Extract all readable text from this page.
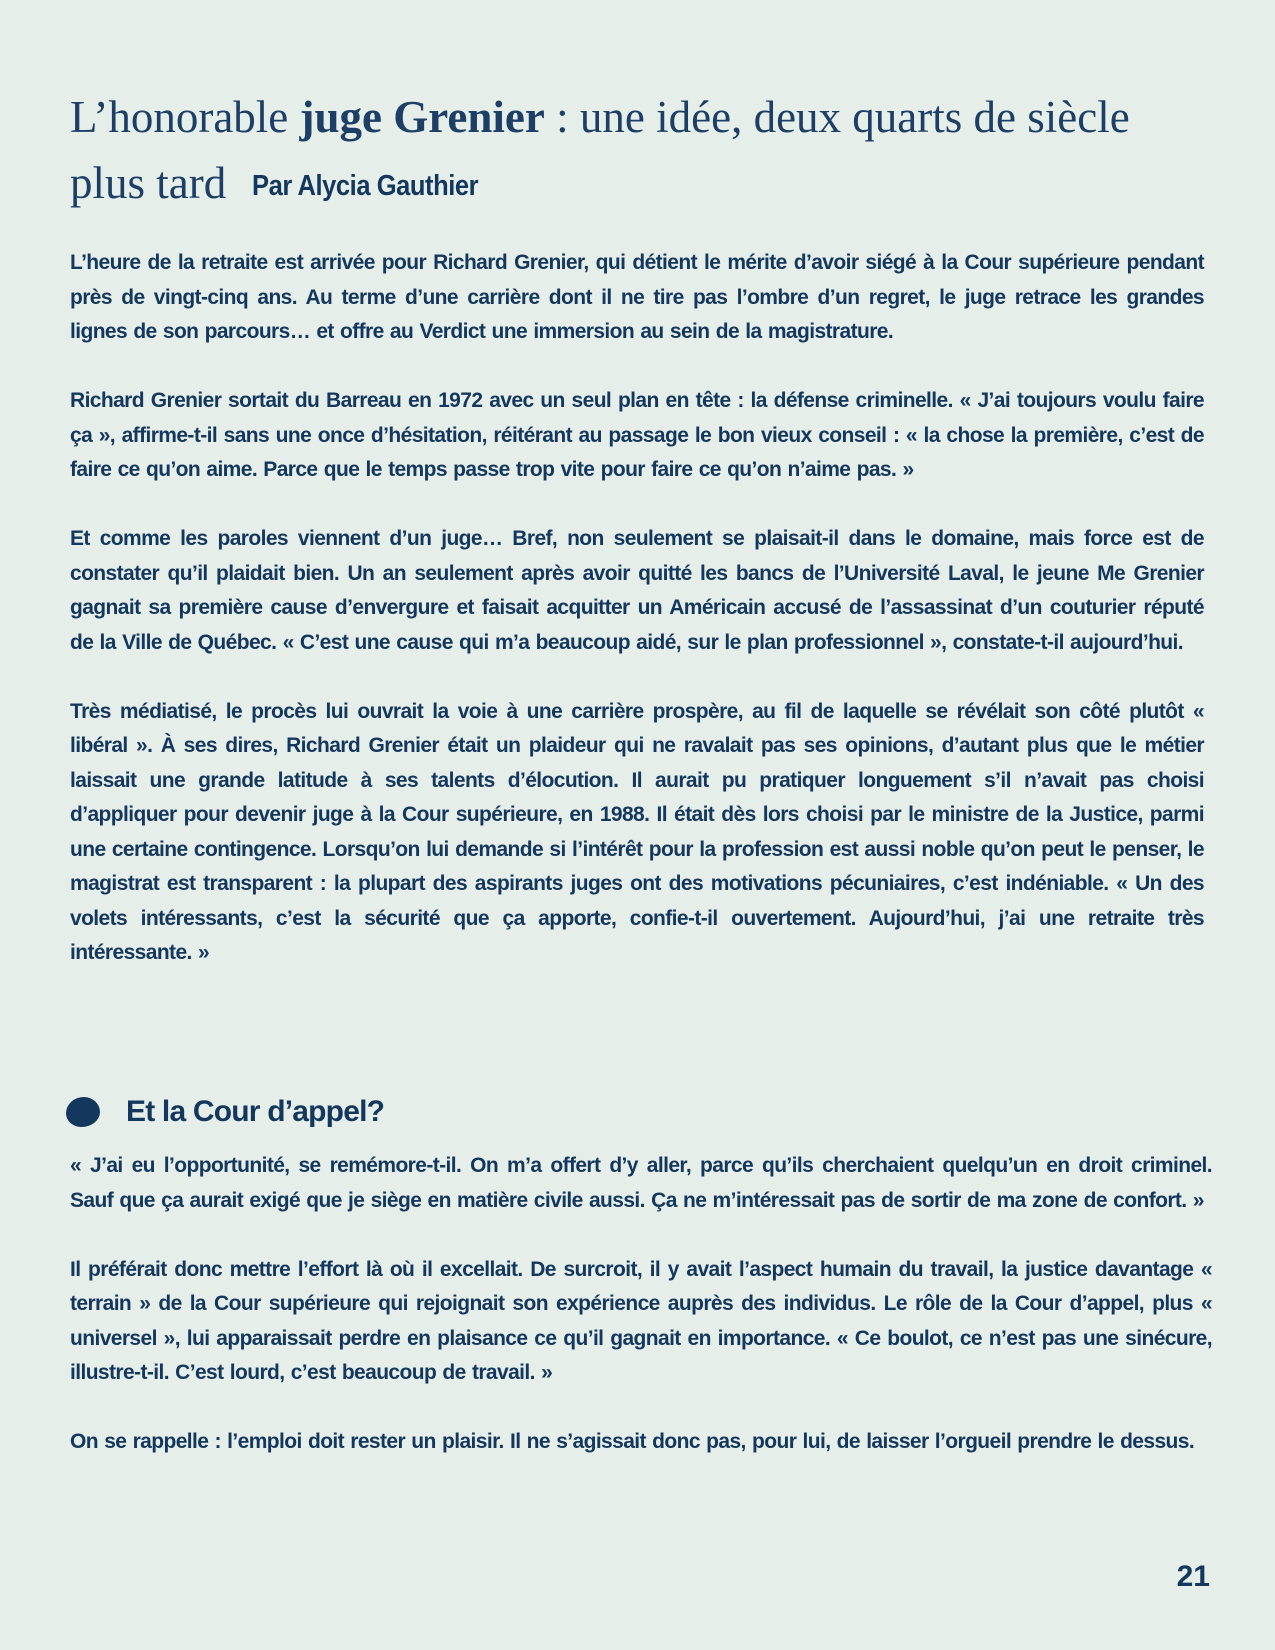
L’honorable juge Grenier : une idée, deux quarts de siècle plus tard Par Alycia Gauthier

L’heure de la retraite est arrivée pour Richard Grenier, qui détient le mérite d’avoir siégé à la Cour supérieure pendant près de vingt-cinq ans. Au terme d’une carrière dont il ne tire pas l’ombre d’un regret, le juge retrace les grandes lignes de son parcours… et offre au Verdict une immersion au sein de la magistrature.

Richard Grenier sortait du Barreau en 1972 avec un seul plan en tête : la défense criminelle. « J’ai toujours voulu faire ça », affirme-t-il sans une once d’hésitation, réitérant au passage le bon vieux conseil : « la chose la première, c’est de faire ce qu’on aime. Parce que le temps passe trop vite pour faire ce qu’on n’aime pas. »

Et comme les paroles viennent d’un juge… Bref, non seulement se plaisait-il dans le domaine, mais force est de constater qu’il plaidait bien. Un an seulement après avoir quitté les bancs de l’Université Laval, le jeune Me Grenier gagnait sa première cause d’envergure et faisait acquitter un Américain accusé de l’assassinat d’un couturier réputé de la Ville de Québec. « C’est une cause qui m’a beaucoup aidé, sur le plan professionnel », constate-t-il aujourd’hui.

Très médiatisé, le procès lui ouvrait la voie à une carrière prospère, au fil de laquelle se révélait son côté plutôt « libéral ». À ses dires, Richard Grenier était un plaideur qui ne ravalait pas ses opinions, d’autant plus que le métier laissait une grande latitude à ses talents d’élocution. Il aurait pu pratiquer longuement s’il n’avait pas choisi d’appliquer pour devenir juge à la Cour supérieure, en 1988. Il était dès lors choisi par le ministre de la Justice, parmi une certaine contingence. Lorsqu’on lui demande si l’intérêt pour la profession est aussi noble qu’on peut le penser, le magistrat est transparent : la plupart des aspirants juges ont des motivations pécuniaires, c’est indéniable. « Un des volets intéressants, c’est la sécurité que ça apporte, confie-t-il ouvertement. Aujourd’hui, j’ai une retraite très intéressante. »

Et la Cour d’appel?

« J’ai eu l’opportunité, se remémore-t-il. On m’a offert d’y aller, parce qu’ils cherchaient quelqu’un en droit criminel. Sauf que ça aurait exigé que je siège en matière civile aussi. Ça ne m’intéressait pas de sortir de ma zone de confort. »

Il préférait donc mettre l’effort là où il excellait. De surcroit, il y avait l’aspect humain du travail, la justice davantage « terrain » de la Cour supérieure qui rejoignait son expérience auprès des individus. Le rôle de la Cour d’appel, plus « universel », lui apparaissait perdre en plaisance ce qu’il gagnait en importance. « Ce boulot, ce n’est pas une sinécure, illustre-t-il. C’est lourd, c’est beaucoup de travail. »

On se rappelle : l’emploi doit rester un plaisir. Il ne s’agissait donc pas, pour lui, de laisser l’orgueil prendre le dessus.

21
